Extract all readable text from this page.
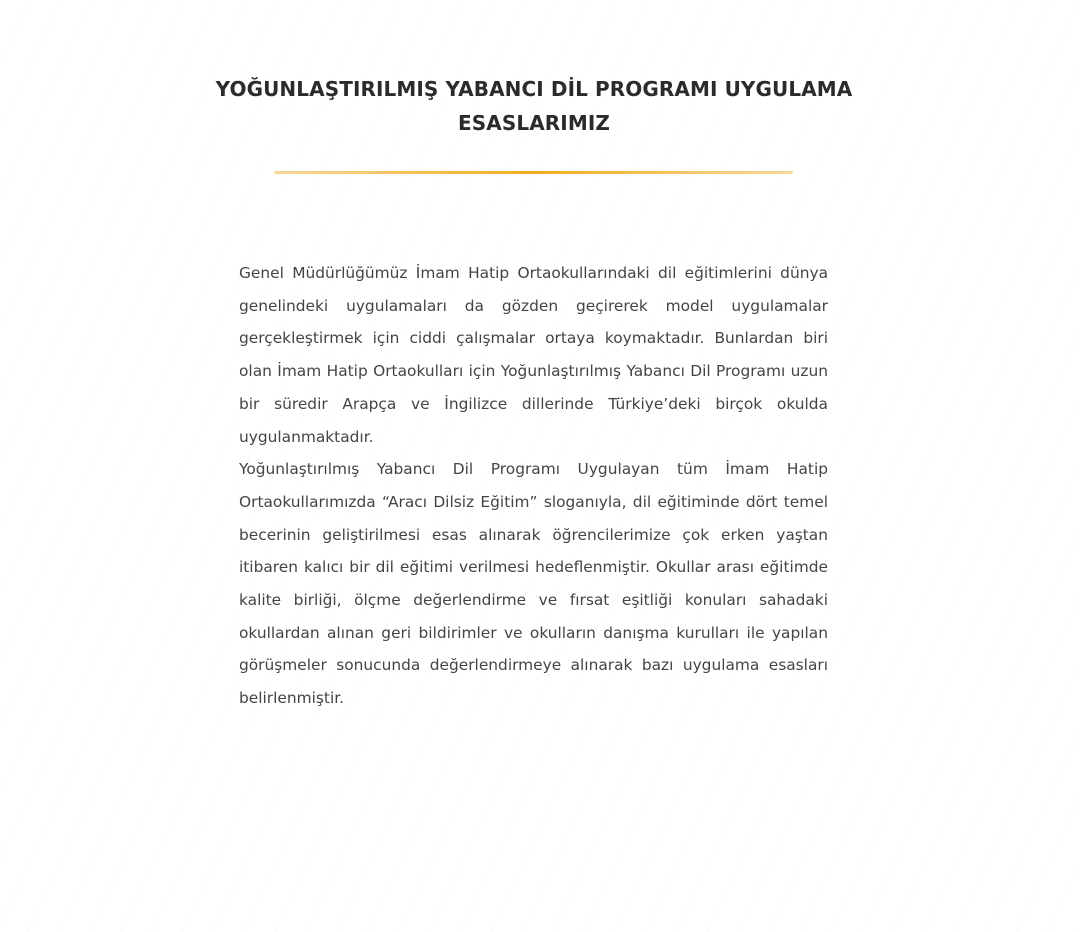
YOĞUNLAŞTIRILMIŞ YABANCI DİL PROGRAMI UYGULAMA ESASLARIMIZ

Genel Müdürlüğümüz İmam Hatip Ortaokullarındaki dil eğitimlerini dünya genelindeki uygulamaları da gözden geçirerek model uygulamalar gerçekleştirmek için ciddi çalışmalar ortaya koymaktadır. Bunlardan biri olan İmam Hatip Ortaokulları için Yoğunlaştırılmış Yabancı Dil Programı uzun bir süredir Arapça ve İngilizce dillerinde Türkiye’deki birçok okulda uygulanmaktadır.

Yoğunlaştırılmış Yabancı Dil Programı Uygulayan tüm İmam Hatip Ortaokullarımızda “Aracı Dilsiz Eğitim” sloganıyla, dil eğitiminde dört temel becerinin geliştirilmesi esas alınarak öğrencilerimize çok erken yaştan itibaren kalıcı bir dil eğitimi verilmesi hedeflenmiştir. Okullar arası eğitimde kalite birliği, ölçme değerlendirme ve fırsat eşitliği konuları sahadaki okullardan alınan geri bildirimler ve okulların danışma kurulları ile yapılan görüşmeler sonucunda değerlendirmeye alınarak bazı uygulama esasları belirlenmiştir.
